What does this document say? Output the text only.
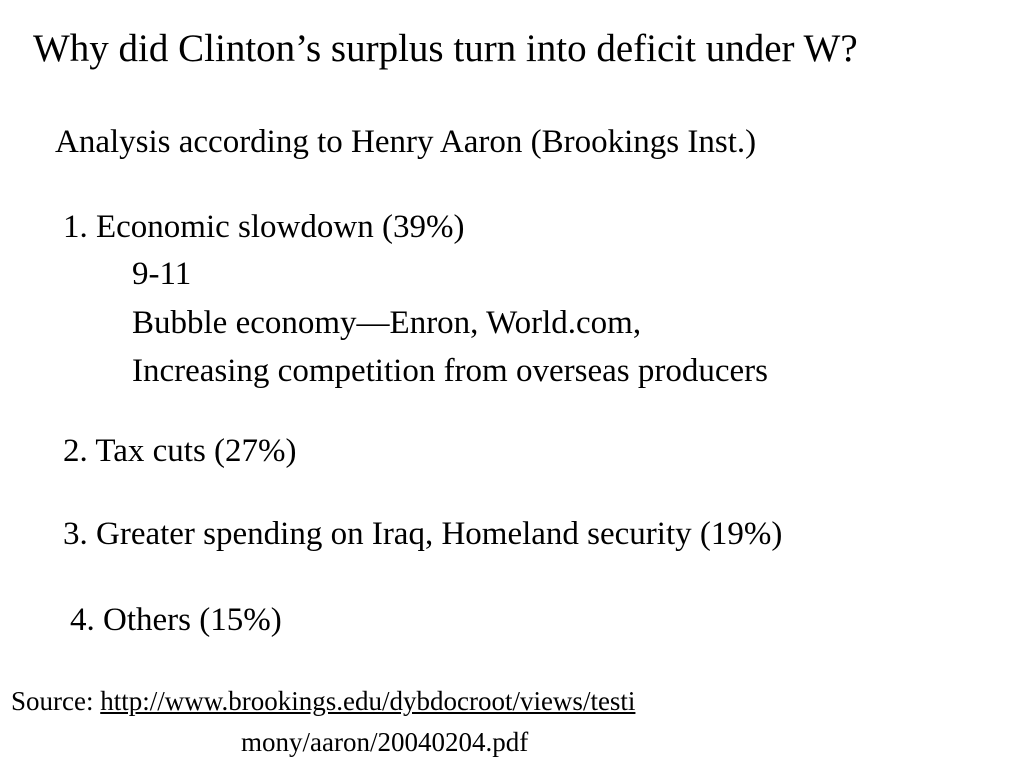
Why did Clinton’s surplus turn into deficit under W?
Analysis according to Henry Aaron (Brookings Inst.)
1. Economic slowdown (39%)
9-11
Bubble economy—Enron, World.com,
Increasing competition from overseas producers
2. Tax cuts (27%)
3. Greater spending on Iraq, Homeland security (19%)
4. Others (15%)
Source: http://www.brookings.edu/dybdocroot/views/testi
mony/aaron/20040204.pdf
